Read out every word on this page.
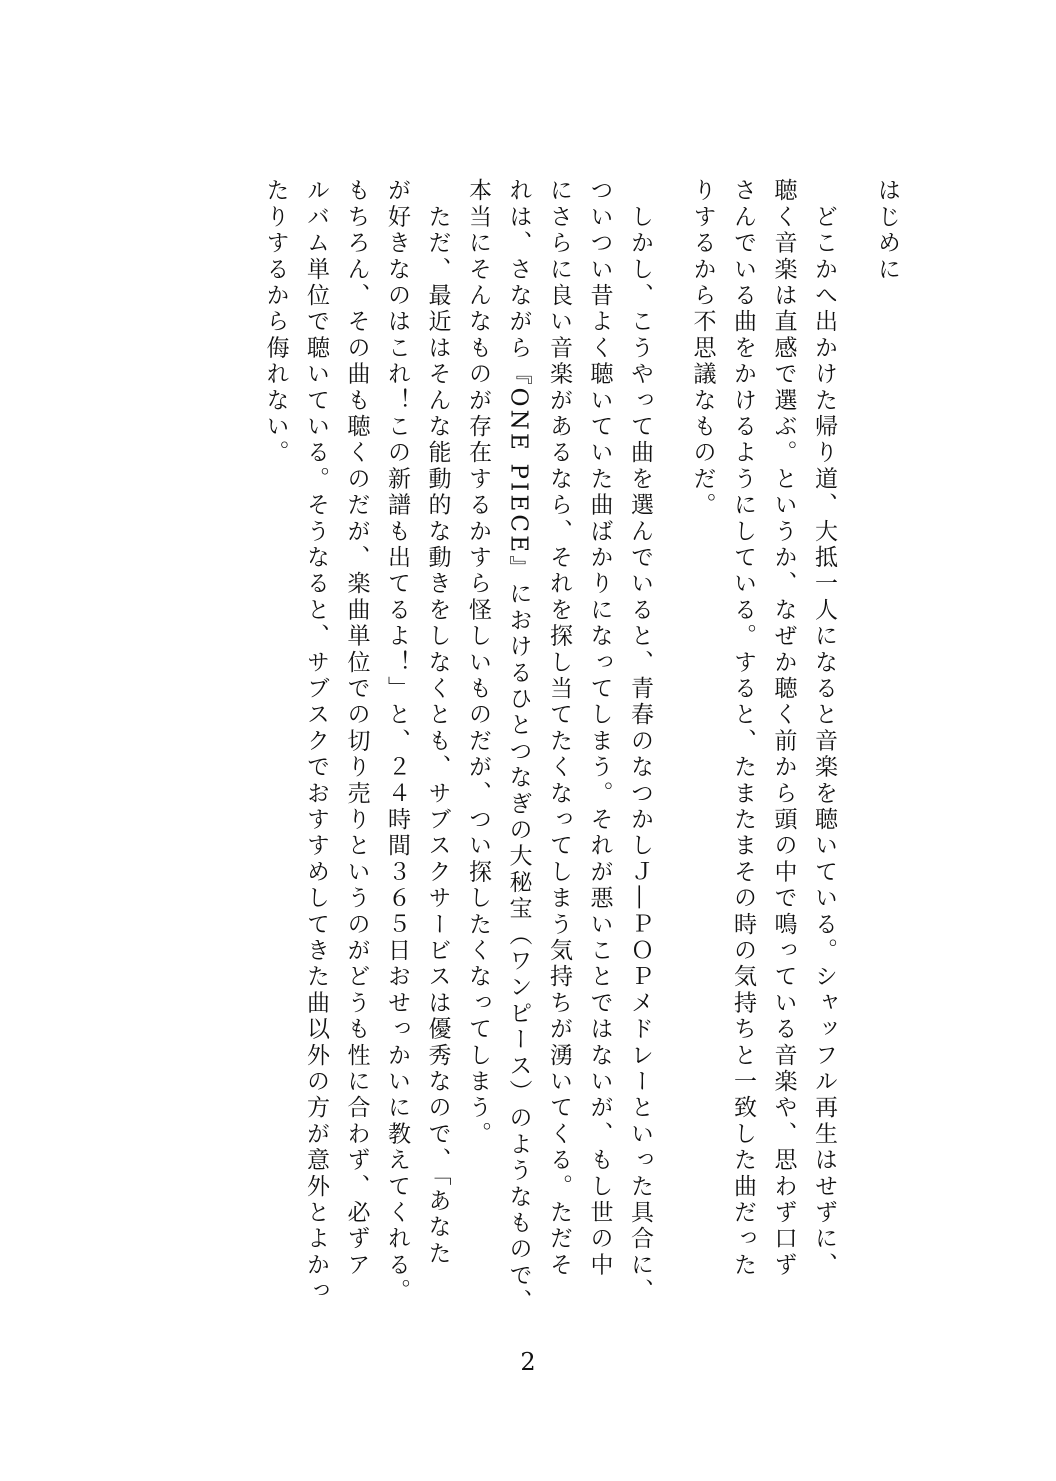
はじめに
　どこかへ出かけた帰り道、大抵一人になると音楽を聴いている。シャッフル再生はせずに、
聴く音楽は直感で選ぶ。というか、なぜか聴く前から頭の中で鳴っている音楽や、思わず口ず
さんでいる曲をかけるようにしている。すると、たまたまその時の気持ちと一致した曲だった
りするから不思議なものだ。
　しかし、こうやって曲を選んでいると、青春のなつかしＪ―ＰＯＰメドレーといった具合に、
ついつい昔よく聴いていた曲ばかりになってしまう。それが悪いことではないが、もし世の中
にさらに良い音楽があるなら、それを探し当てたくなってしまう気持ちが湧いてくる。ただそ
れは、さながら『ONE PIECE』におけるひとつなぎの大秘宝（ワンピース）のようなもので、
本当にそんなものが存在するかすら怪しいものだが、つい探したくなってしまう。
　ただ、最近はそんな能動的な動きをしなくとも、サブスクサービスは優秀なので、「あなた
が好きなのはこれ！この新譜も出てるよ！」と、２４時間３６５日おせっかいに教えてくれる。
もちろん、その曲も聴くのだが、楽曲単位での切り売りというのがどうも性に合わず、必ずア
ルバム単位で聴いている。そうなると、サブスクでおすすめしてきた曲以外の方が意外とよかっ
たりするから侮れない。
2
